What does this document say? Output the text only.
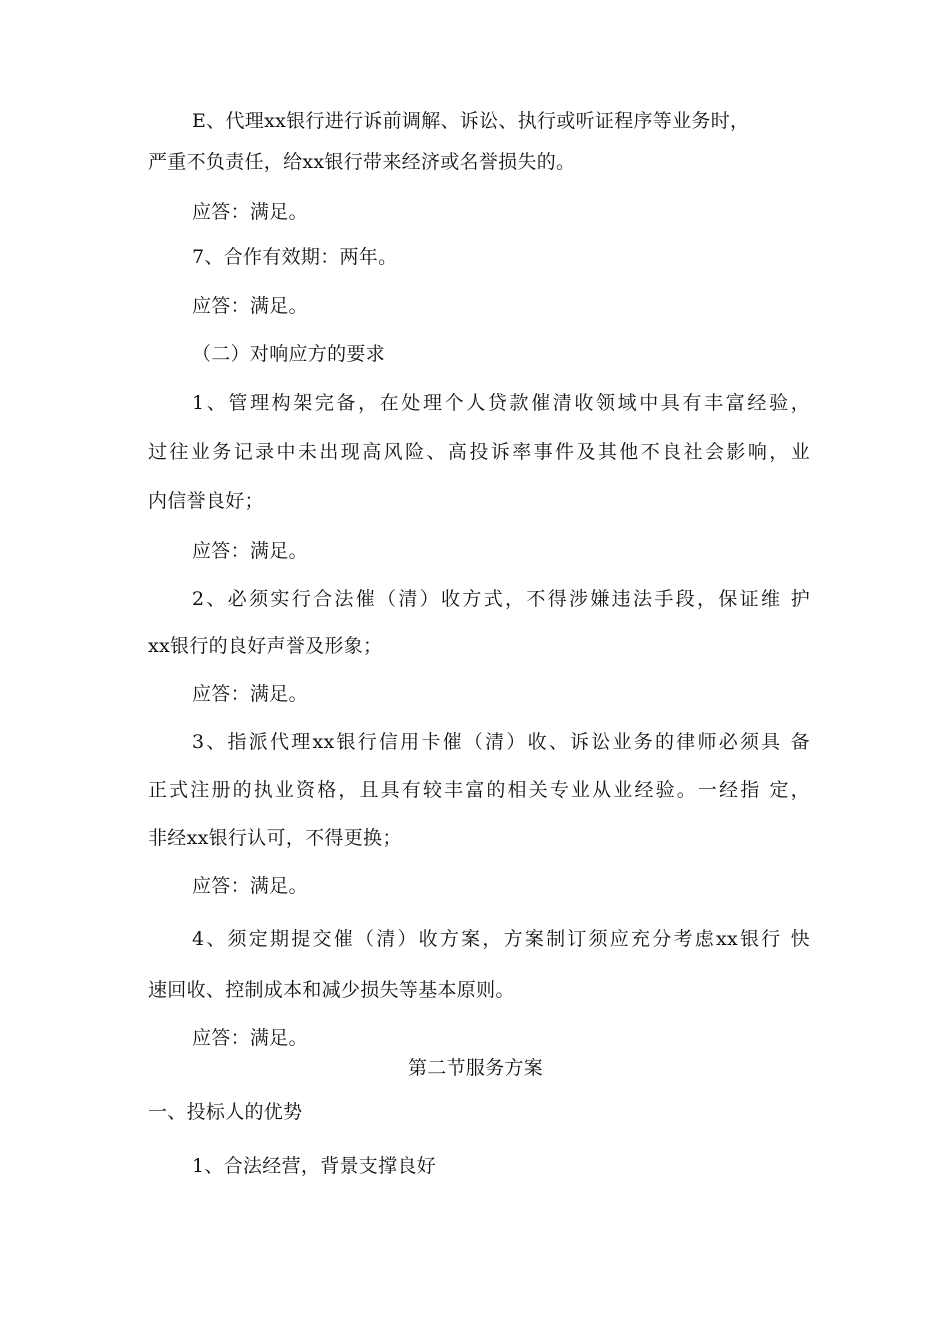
E、代理xx银行进行诉前调解、诉讼、执行或听证程序等业务时，
严重不负责任，给xx银行带来经济或名誉损失的。
应答：满足。
7、合作有效期：两年。
应答：满足。
（二）对响应方的要求
1、管理构架完备，在处理个人贷款催清收领域中具有丰富经验，
过往业务记录中未出现高风险、高投诉率事件及其他不良社会影响，业
内信誉良好；
应答：满足。
2、必须实行合法催（清）收方式，不得涉嫌违法手段，保证维 护
xx银行的良好声誉及形象；
应答：满足。
3、指派代理xx银行信用卡催（清）收、诉讼业务的律师必须具 备
正式注册的执业资格，且具有较丰富的相关专业从业经验。一经指 定，
非经xx银行认可，不得更换；
应答：满足。
4、须定期提交催（清）收方案，方案制订须应充分考虑xx银行 快
速回收、控制成本和减少损失等基本原则。
应答：满足。
第二节服务方案
一、投标人的优势
1、合法经营，背景支撑良好
